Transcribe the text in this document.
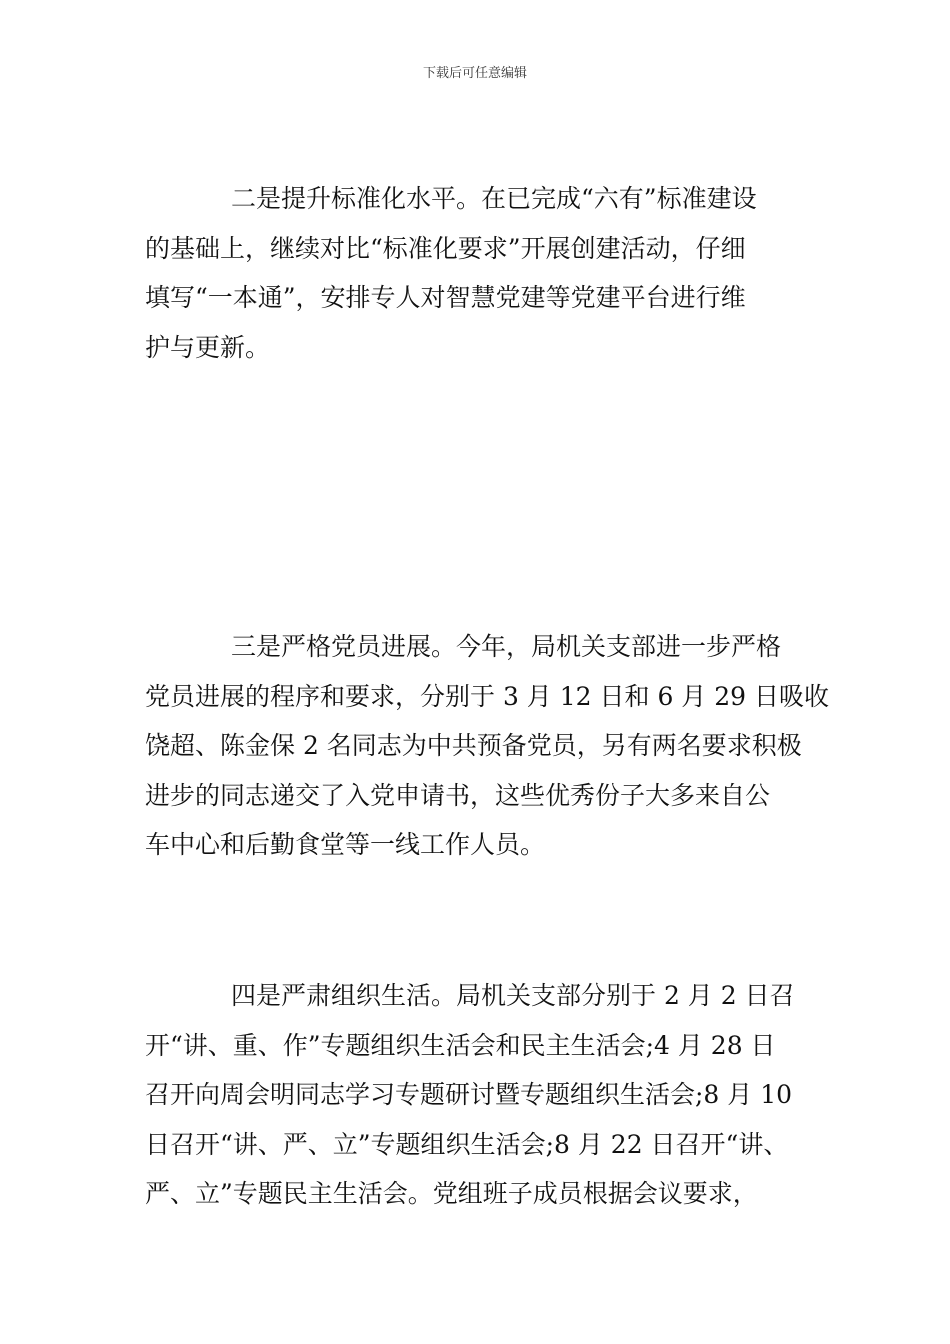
下载后可任意编辑
二是提升标准化水平。在已完成“六有”标准建设
的基础上，继续对比“标准化要求”开展创建活动，仔细
填写“一本通”，安排专人对智慧党建等党建平台进行维
护与更新。
三是严格党员进展。今年，局机关支部进一步严格
党员进展的程序和要求，分别于 3 月 12 日和 6 月 29 日吸收
饶超、陈金保 2 名同志为中共预备党员，另有两名要求积极
进步的同志递交了入党申请书，这些优秀份子大多来自公
车中心和后勤食堂等一线工作人员。
四是严肃组织生活。局机关支部分别于 2 月 2 日召
开“讲、重、作”专题组织生活会和民主生活会;4 月 28 日
召开向周会明同志学习专题研讨暨专题组织生活会;8 月 10
日召开“讲、严、立”专题组织生活会;8 月 22 日召开“讲、
严、立”专题民主生活会。党组班子成员根据会议要求，
